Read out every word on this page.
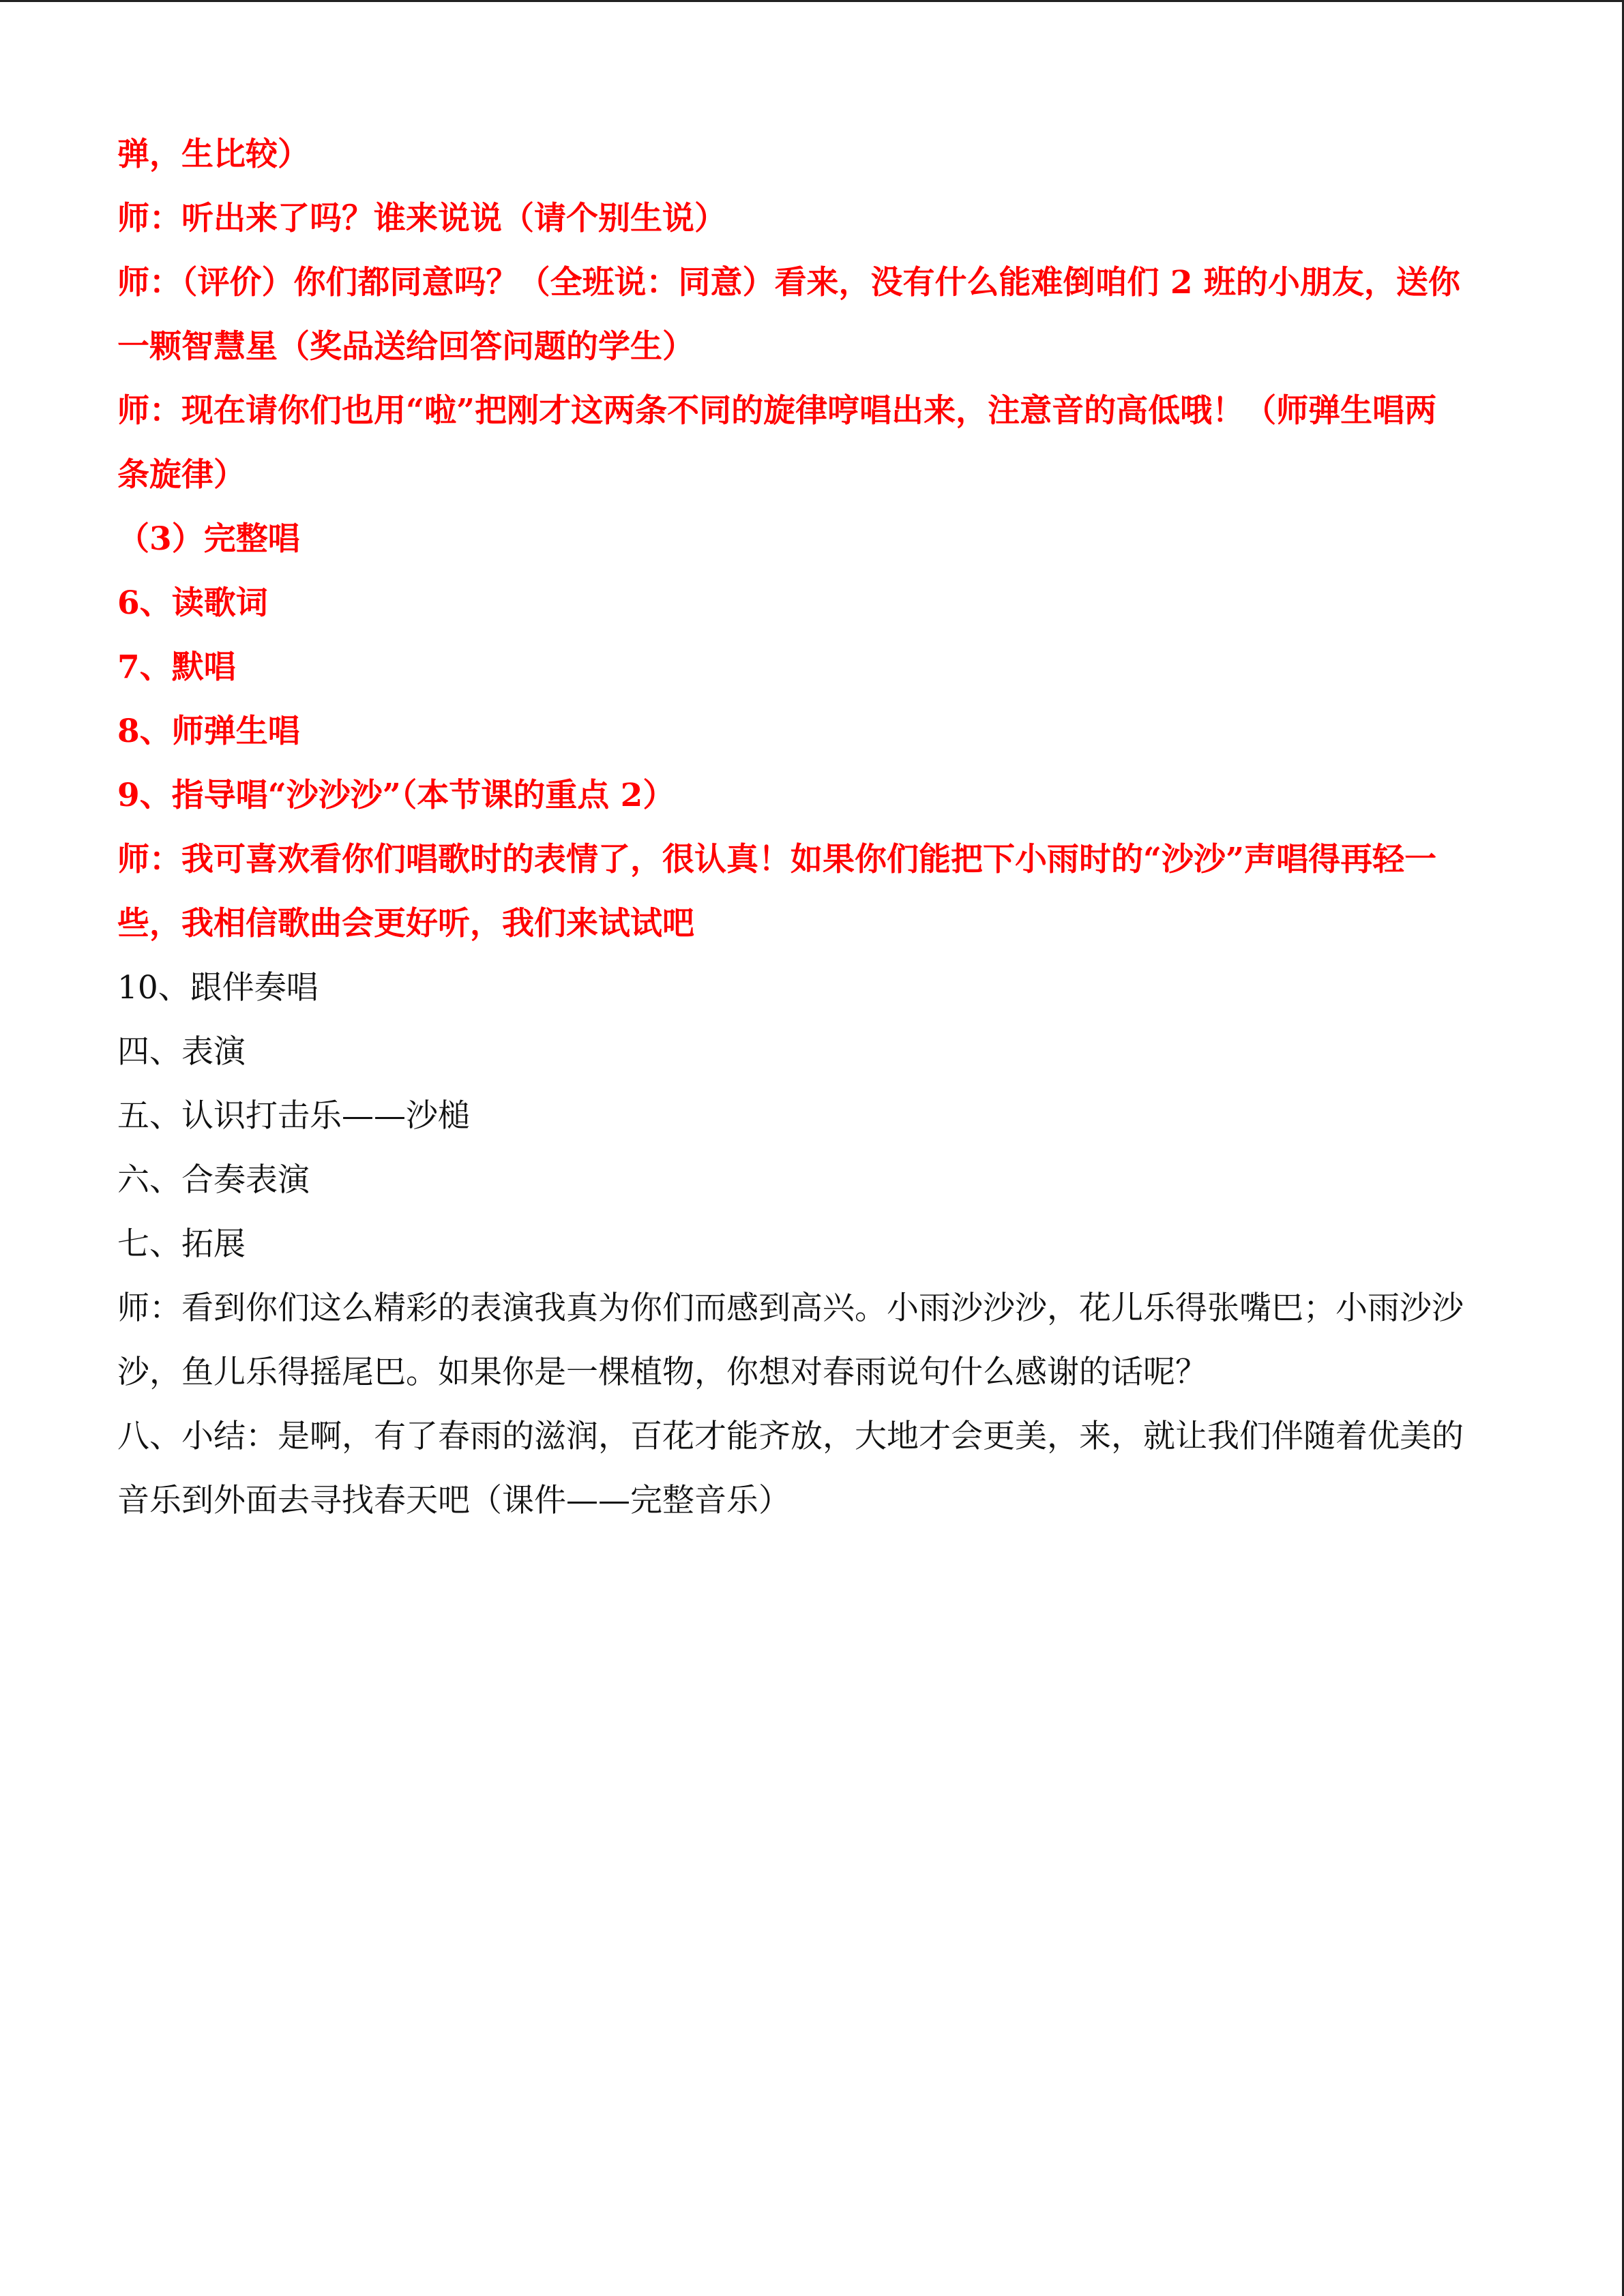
弹，生比较）
师：听出来了吗？谁来说说（请个别生说）
师：（评价）你们都同意吗？（全班说：同意）看来，没有什么能难倒咱们 2 班的小朋友，送你
一颗智慧星（奖品送给回答问题的学生）
师：现在请你们也用“啦”把刚才这两条不同的旋律哼唱出来，注意音的高低哦！（师弹生唱两
条旋律）
（3）完整唱
6、读歌词
7、默唱
8、师弹生唱
9、指导唱“沙沙沙”（本节课的重点 2）
师：我可喜欢看你们唱歌时的表情了，很认真！如果你们能把下小雨时的“沙沙”声唱得再轻一
些，我相信歌曲会更好听，我们来试试吧
10、跟伴奏唱
四、表演
五、认识打击乐——沙槌
六、合奏表演
七、拓展
师：看到你们这么精彩的表演我真为你们而感到高兴。小雨沙沙沙，花儿乐得张嘴巴；小雨沙沙
沙，鱼儿乐得摇尾巴。如果你是一棵植物，你想对春雨说句什么感谢的话呢？
八、小结：是啊，有了春雨的滋润，百花才能齐放，大地才会更美，来，就让我们伴随着优美的
音乐到外面去寻找春天吧（课件——完整音乐）
